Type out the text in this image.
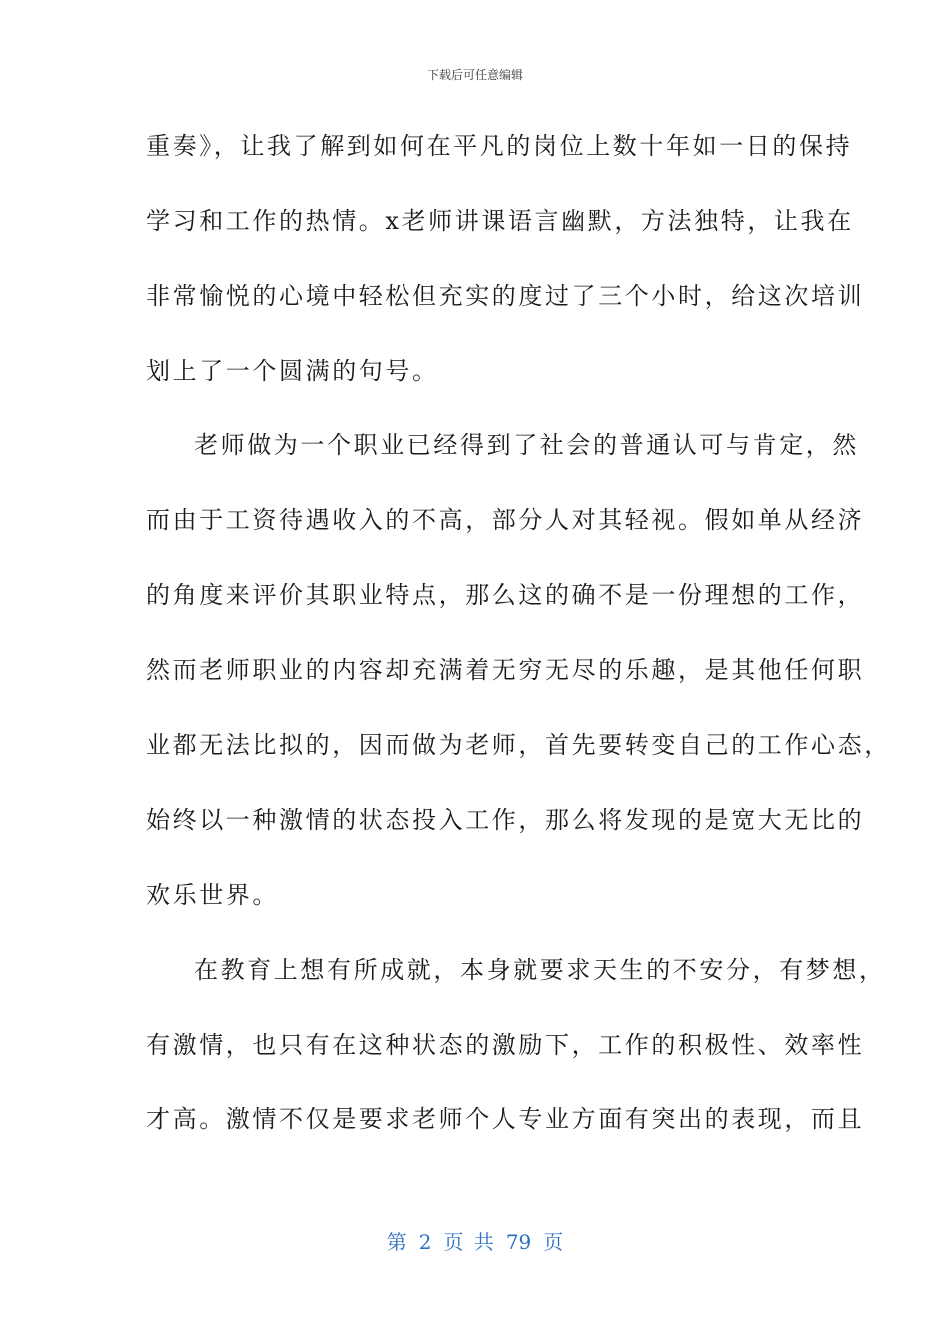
下载后可任意编辑
重奏》，让我了解到如何在平凡的岗位上数十年如一日的保持
学习和工作的热情。x老师讲课语言幽默，方法独特，让我在
非常愉悦的心境中轻松但充实的度过了三个小时，给这次培训
划上了一个圆满的句号。
老师做为一个职业已经得到了社会的普通认可与肯定，然
而由于工资待遇收入的不高，部分人对其轻视。假如单从经济
的角度来评价其职业特点，那么这的确不是一份理想的工作，
然而老师职业的内容却充满着无穷无尽的乐趣，是其他任何职
业都无法比拟的，因而做为老师，首先要转变自己的工作心态，
始终以一种激情的状态投入工作，那么将发现的是宽大无比的
欢乐世界。
在教育上想有所成就，本身就要求天生的不安分，有梦想，
有激情，也只有在这种状态的激励下，工作的积极性、效率性
才高。激情不仅是要求老师个人专业方面有突出的表现，而且
第 2 页 共 79 页
